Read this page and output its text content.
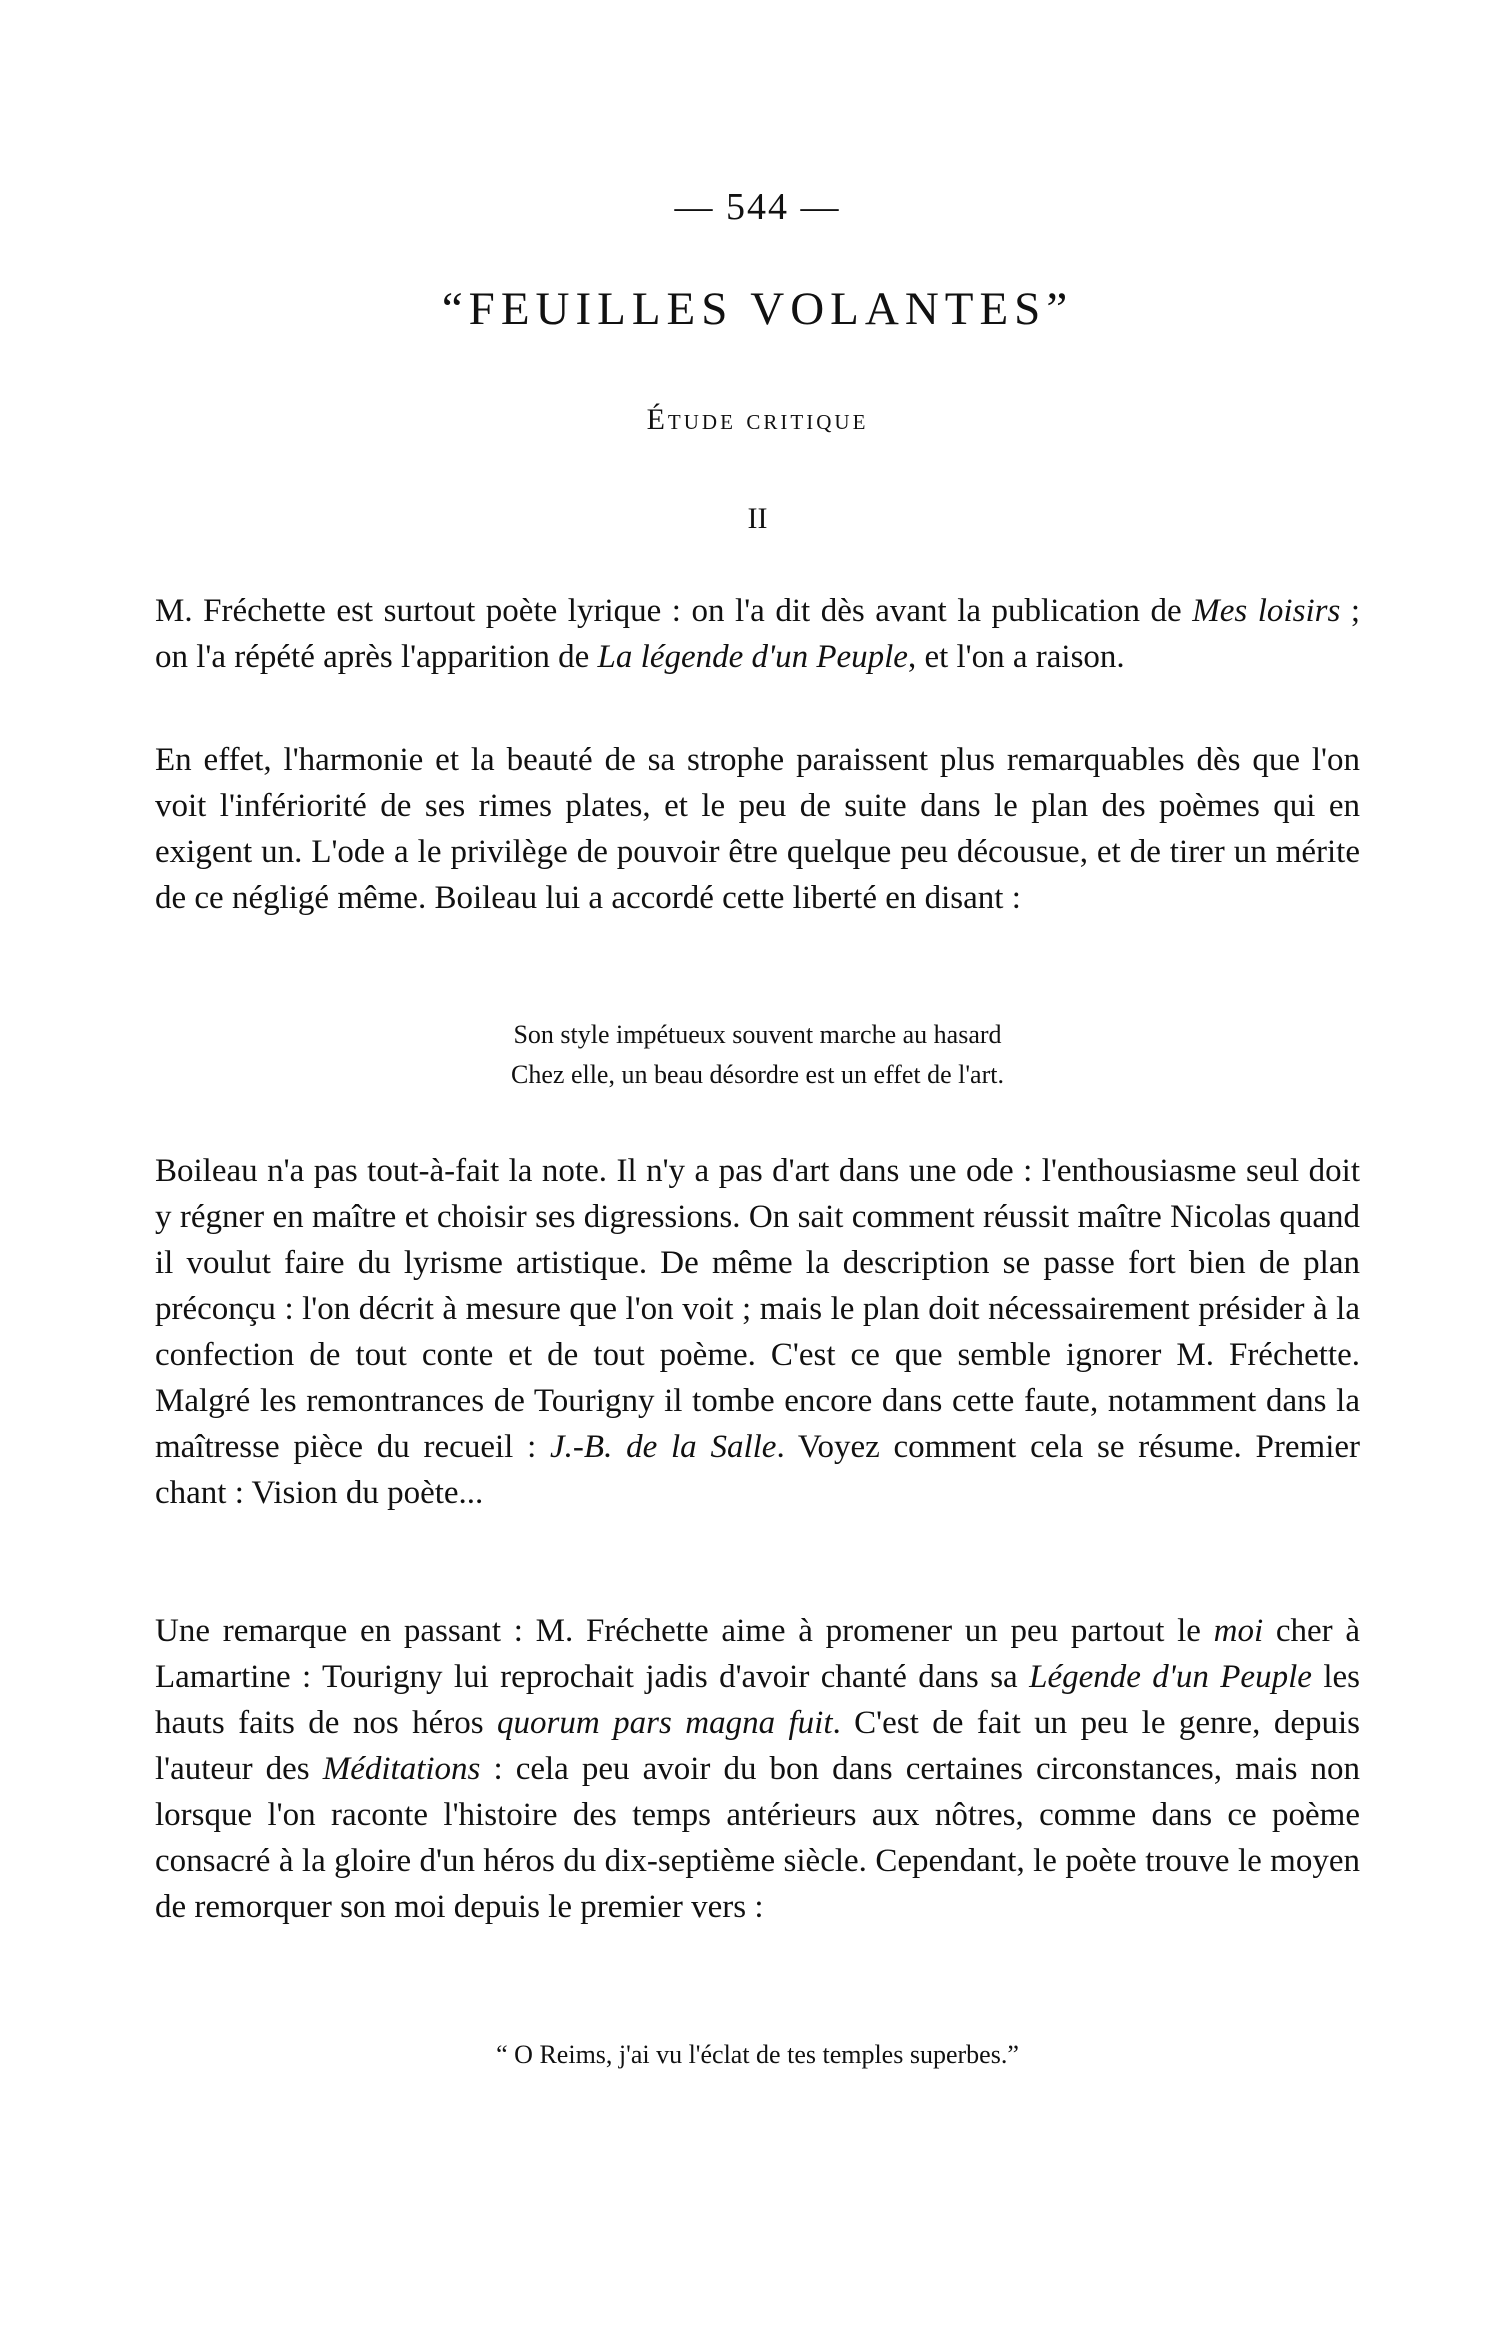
— 544 —
“FEUILLES VOLANTES”
Étude critique
II

M. Fréchette est surtout poète lyrique : on l'a dit dès avant la publication de Mes loisirs ; on l'a répété après l'apparition de La légende d'un Peuple, et l'on a raison.

En effet, l'harmonie et la beauté de sa strophe paraissent plus remarquables dès que l'on voit l'infériorité de ses rimes plates, et le peu de suite dans le plan des poèmes qui en exigent un. L'ode a le privilège de pouvoir être quelque peu décousue, et de tirer un mérite de ce négligé même. Boileau lui a accordé cette liberté en disant :

Son style impétueux souvent marche au hasard
Chez elle, un beau désordre est un effet de l'art.

Boileau n'a pas tout-à-fait la note. Il n'y a pas d'art dans une ode : l'enthousiasme seul doit y régner en maître et choisir ses digressions. On sait comment réussit maître Nicolas quand il voulut faire du lyrisme artistique. De même la description se passe fort bien de plan préconçu : l'on décrit à mesure que l'on voit ; mais le plan doit nécessairement présider à la confection de tout conte et de tout poème. C'est ce que semble ignorer M. Fréchette. Malgré les remontrances de Tourigny il tombe encore dans cette faute, notamment dans la maîtresse pièce du recueil : J.-B. de la Salle. Voyez comment cela se résume. Premier chant : Vision du poète...

Une remarque en passant : M. Fréchette aime à promener un peu partout le moi cher à Lamartine : Tourigny lui reprochait jadis d'avoir chanté dans sa Légende d'un Peuple les hauts faits de nos héros quorum pars magna fuit. C'est de fait un peu le genre, depuis l'auteur des Méditations : cela peu avoir du bon dans certaines circonstances, mais non lorsque l'on raconte l'histoire des temps antérieurs aux nôtres, comme dans ce poème consacré à la gloire d'un héros du dix-septième siècle. Cependant, le poète trouve le moyen de remorquer son moi depuis le premier vers :

“ O Reims, j'ai vu l'éclat de tes temples superbes.”
